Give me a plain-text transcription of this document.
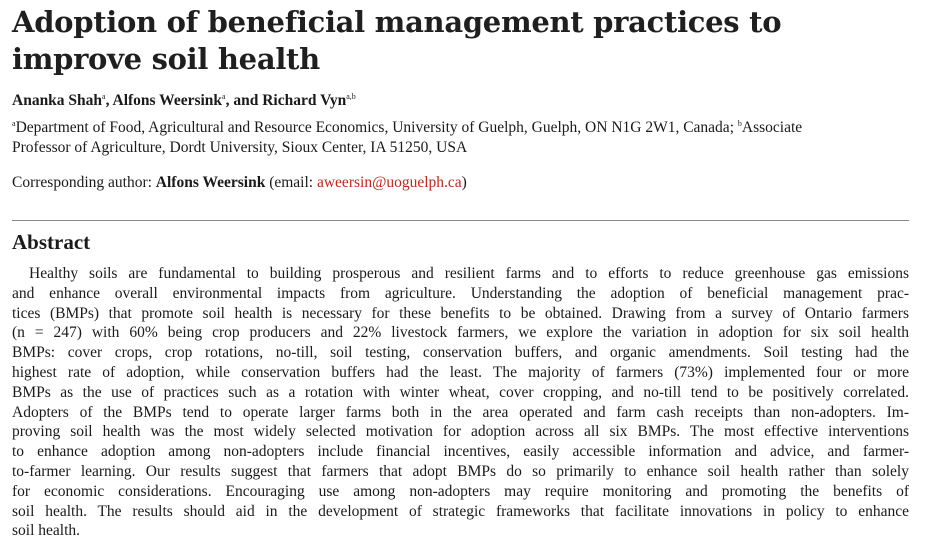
Adoption of beneficial management practices to improve soil health

Ananka Shah$^a$, Alfons Weersink$^a$, and Richard Vyn$^{a,b}$

$^a$Department of Food, Agricultural and Resource Economics, University of Guelph, Guelph, ON N1G 2W1, Canada; $^b$Associate
Professor of Agriculture, Dordt University, Sioux Center, IA 51250, USA

Corresponding author: Alfons Weersink (email: aweersin@uoguelph.ca)

Abstract
Healthy soils are fundamental to building prosperous and resilient farms and to efforts to reduce greenhouse gas emissions
and enhance overall environmental impacts from agriculture. Understanding the adoption of beneficial management prac-
tices (BMPs) that promote soil health is necessary for these benefits to be obtained. Drawing from a survey of Ontario farmers
(n = 247) with 60% being crop producers and 22% livestock farmers, we explore the variation in adoption for six soil health
BMPs: cover crops, crop rotations, no-till, soil testing, conservation buffers, and organic amendments. Soil testing had the
highest rate of adoption, while conservation buffers had the least. The majority of farmers (73%) implemented four or more
BMPs as the use of practices such as a rotation with winter wheat, cover cropping, and no-till tend to be positively correlated.
Adopters of the BMPs tend to operate larger farms both in the area operated and farm cash receipts than non-adopters. Im-
proving soil health was the most widely selected motivation for adoption across all six BMPs. The most effective interventions
to enhance adoption among non-adopters include financial incentives, easily accessible information and advice, and farmer-
to-farmer learning. Our results suggest that farmers that adopt BMPs do so primarily to enhance soil health rather than solely
for economic considerations. Encouraging use among non-adopters may require monitoring and promoting the benefits of
soil health. The results should aid in the development of strategic frameworks that facilitate innovations in policy to enhance
soil health.
